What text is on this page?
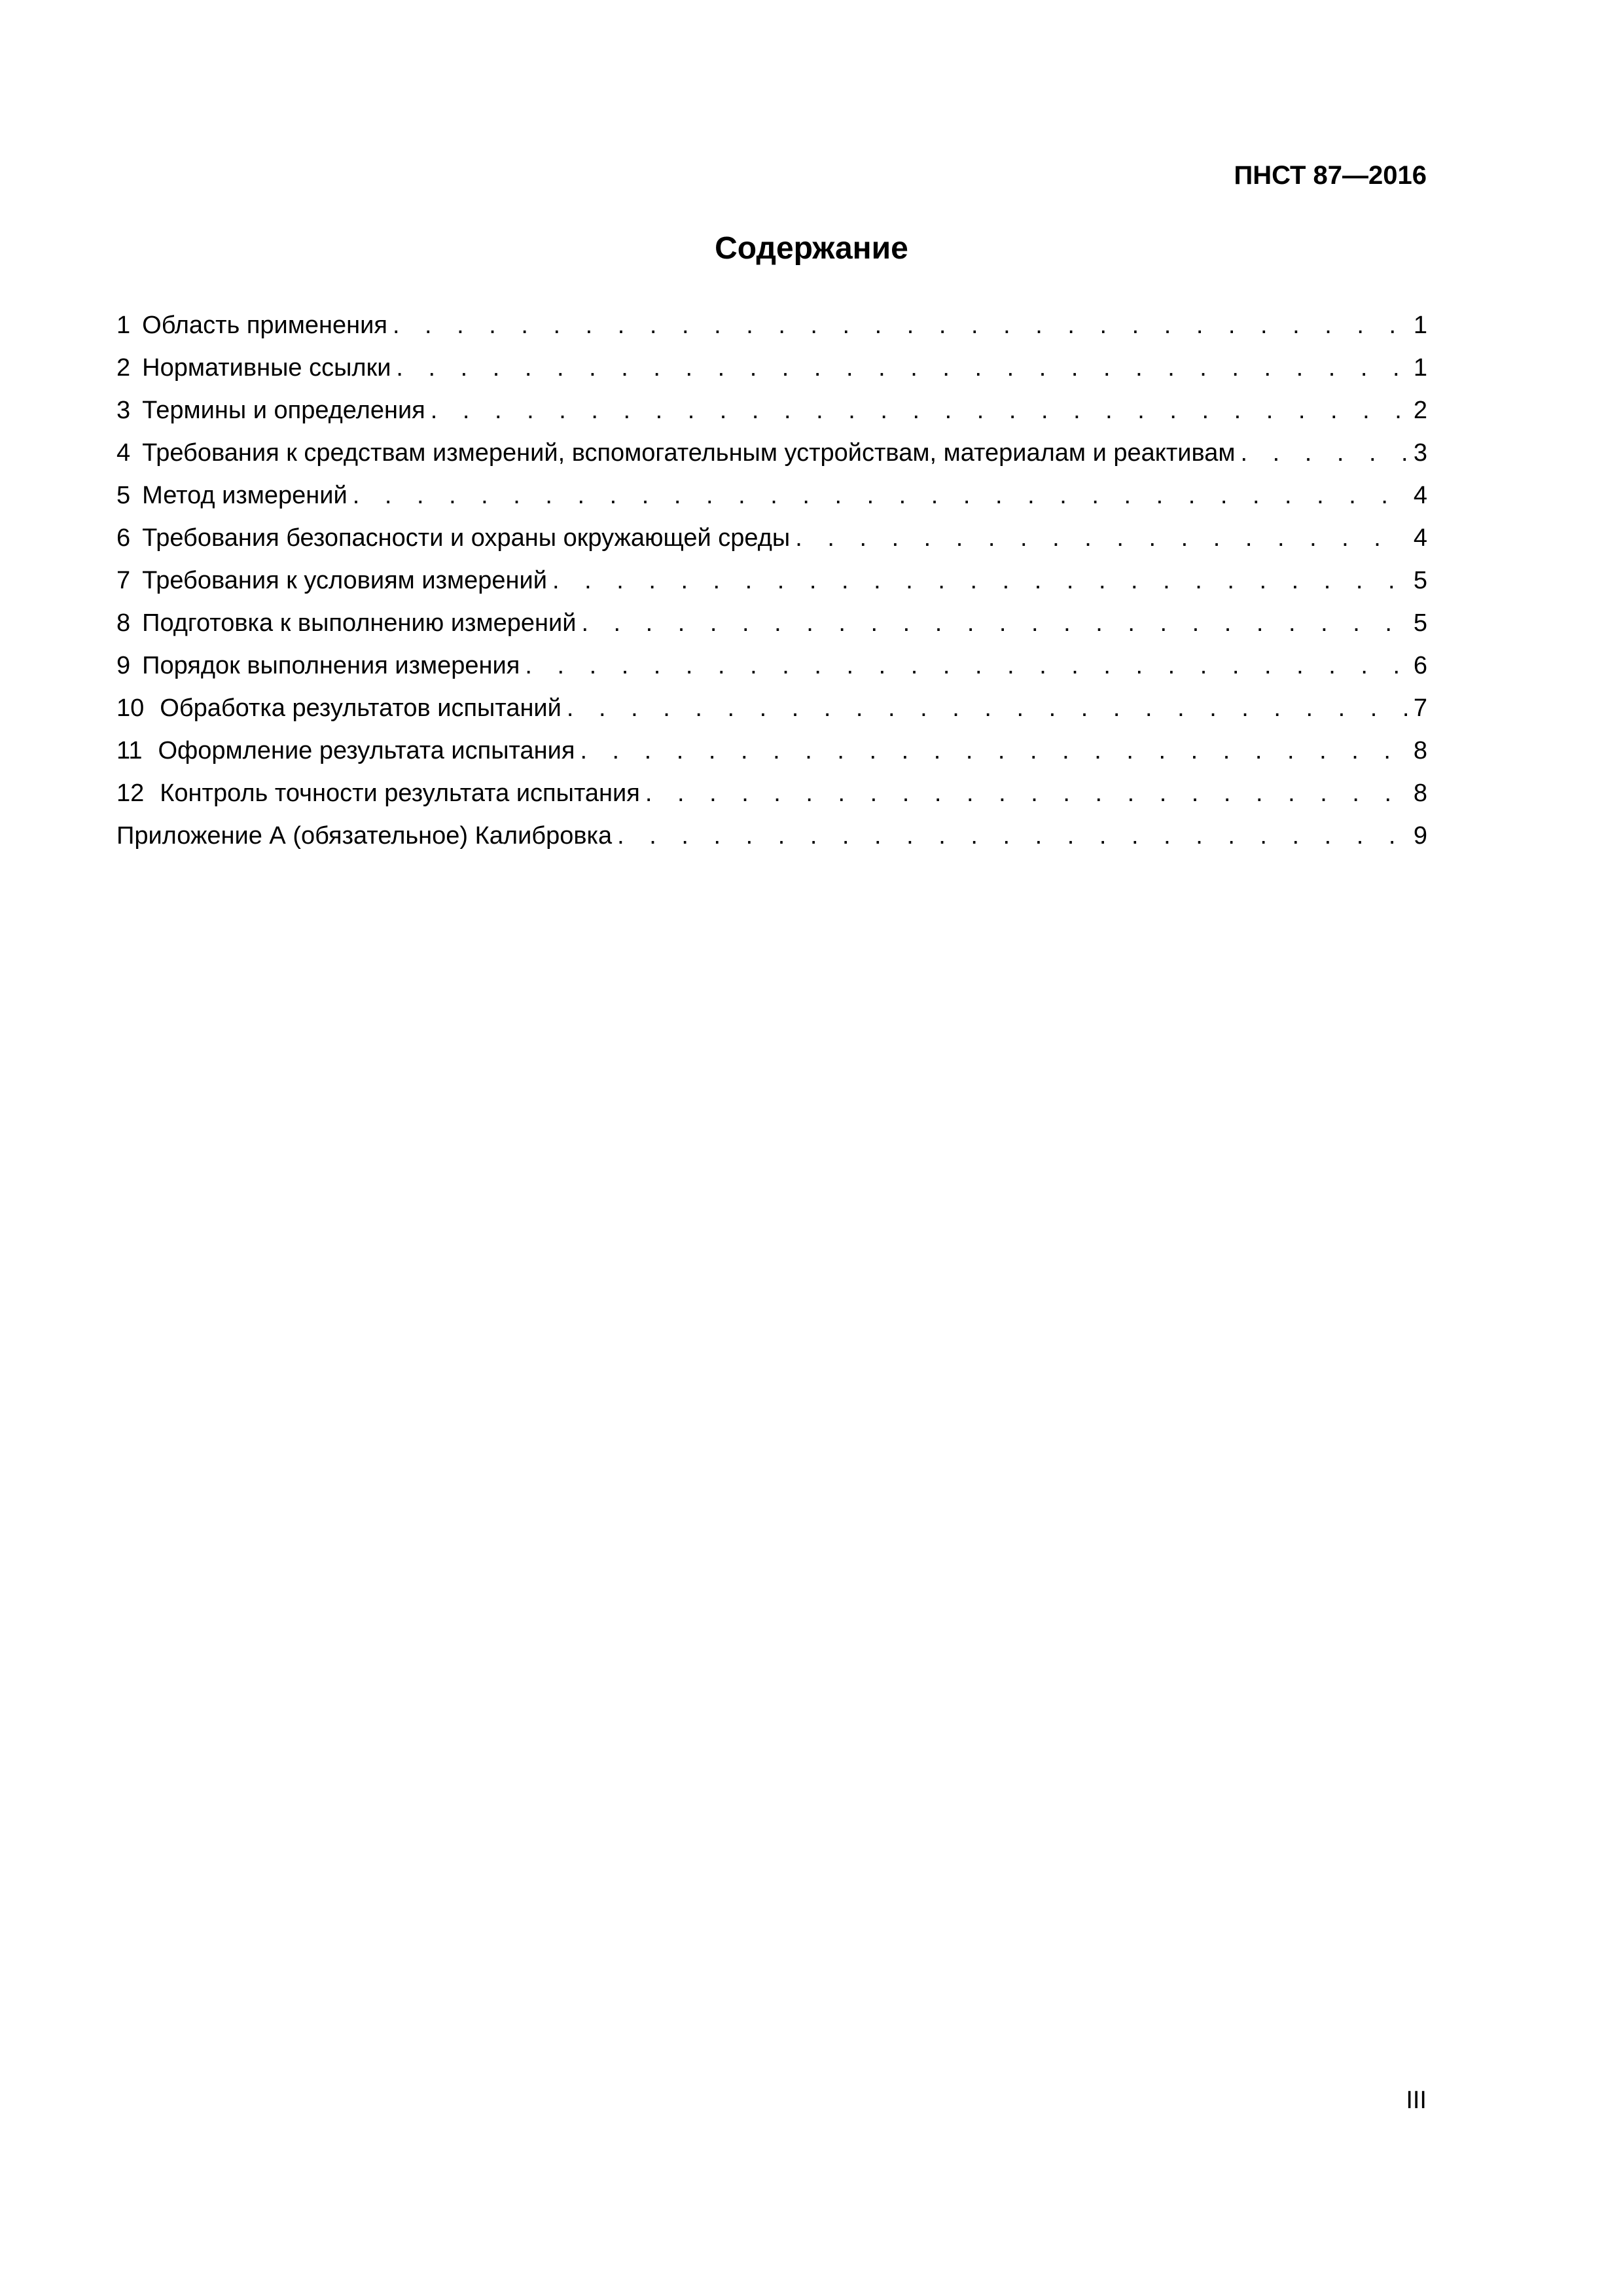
ПНСТ 87—2016

Содержание
1 Область применения . . .	1
2 Нормативные ссылки . . .	1
3 Термины и определения . . .	2
4 Требования к средствам измерений, вспомогательным устройствам, материалам и реактивам . . .	3
5 Метод измерений . . .	4
6 Требования безопасности и охраны окружающей среды . . .	4
7 Требования к условиям измерений . . .	5
8 Подготовка к выполнению измерений . . .	5
9 Порядок выполнения измерения . . .	6
10 Обработка результатов испытаний . . .	7
11 Оформление результата испытания . . .	8
12 Контроль точности результата испытания . . .	8
Приложение А (обязательное) Калибровка . . .	9

III
